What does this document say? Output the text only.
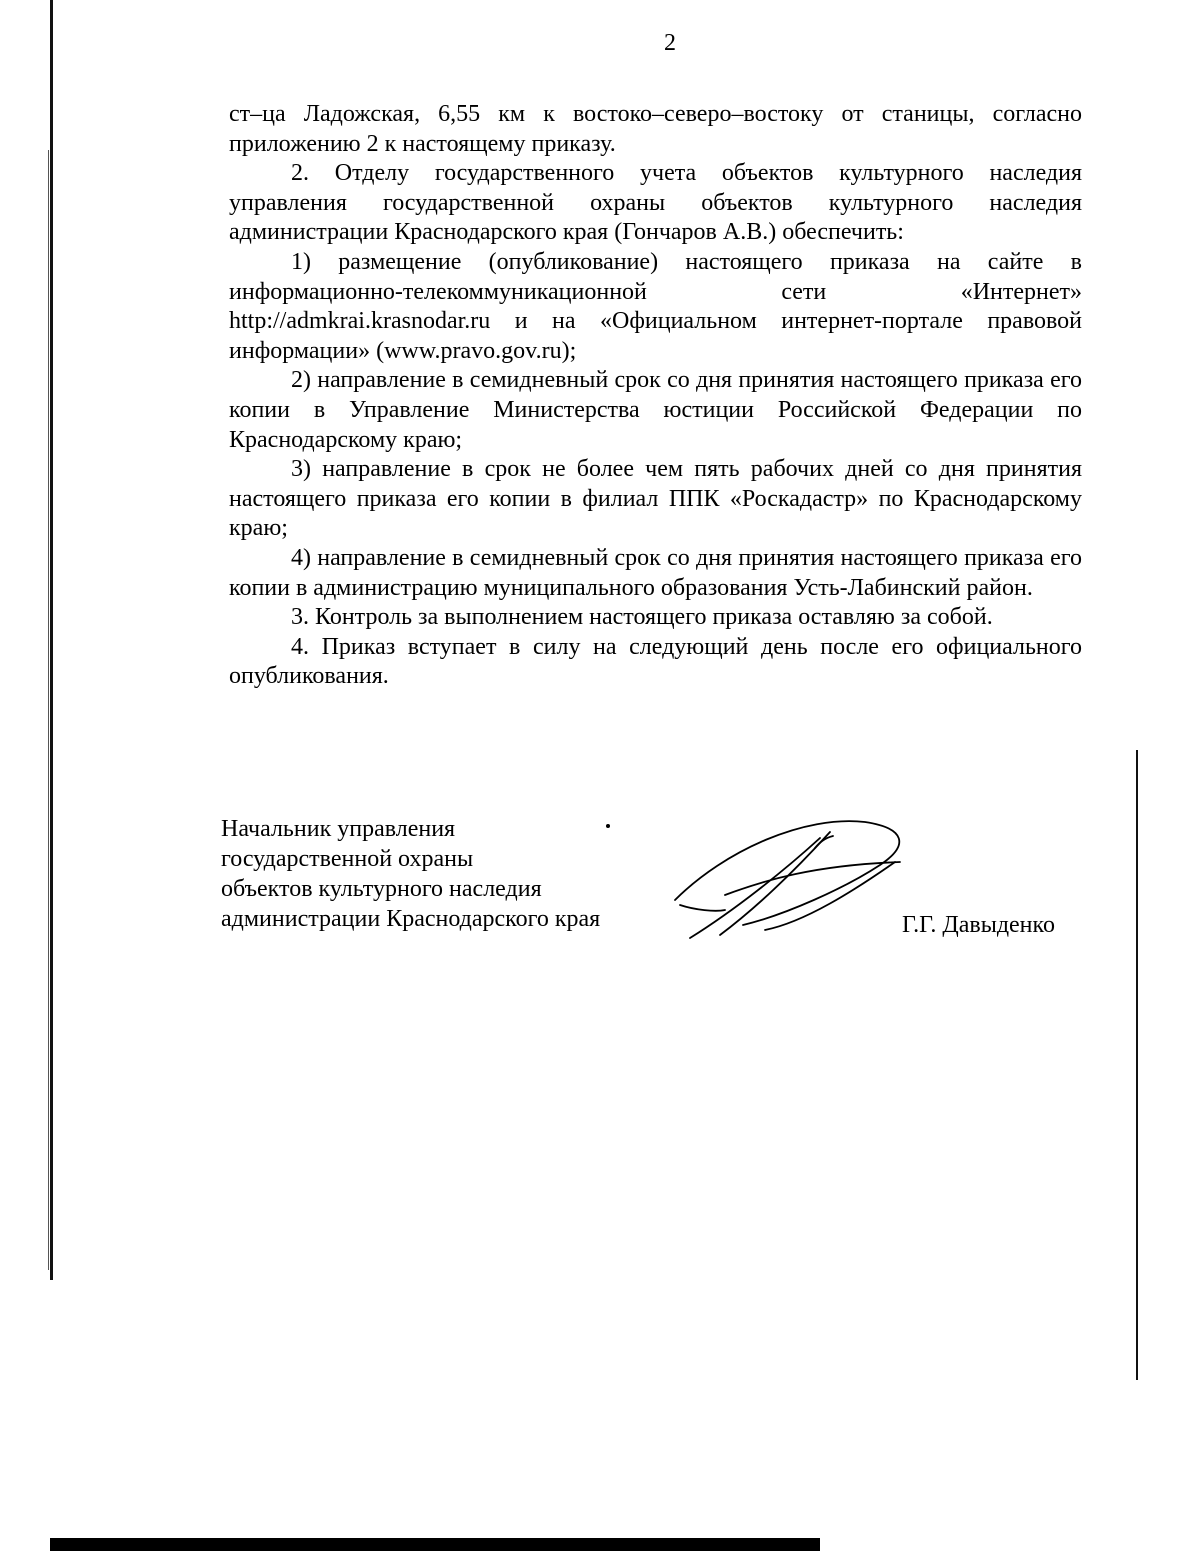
2

ст–ца Ладожская, 6,55 км к востоко–северо–востоку от станицы, согласно приложению 2 к настоящему приказу.

2. Отделу государственного учета объектов культурного наследия управления государственной охраны объектов культурного наследия администрации Краснодарского края (Гончаров А.В.) обеспечить:

1) размещение (опубликование) настоящего приказа на сайте в информационно-телекоммуникационной сети «Интернет» http://admkrai.krasnodar.ru и на «Официальном интернет-портале правовой информации» (www.pravo.gov.ru);

2) направление в семидневный срок со дня принятия настоящего приказа его копии в Управление Министерства юстиции Российской Федерации по Краснодарскому краю;

3) направление в срок не более чем пять рабочих дней со дня принятия настоящего приказа его копии в филиал ППК «Роскадастр» по Краснодарскому краю;

4) направление в семидневный срок со дня принятия настоящего приказа его копии в администрацию муниципального образования Усть-Лабинский район.

3. Контроль за выполнением настоящего приказа оставляю за собой.

4. Приказ вступает в силу на следующий день после его официального опубликования.

Начальник управления
государственной охраны
объектов культурного наследия
администрации Краснодарского края	Г.Г. Давыденко
